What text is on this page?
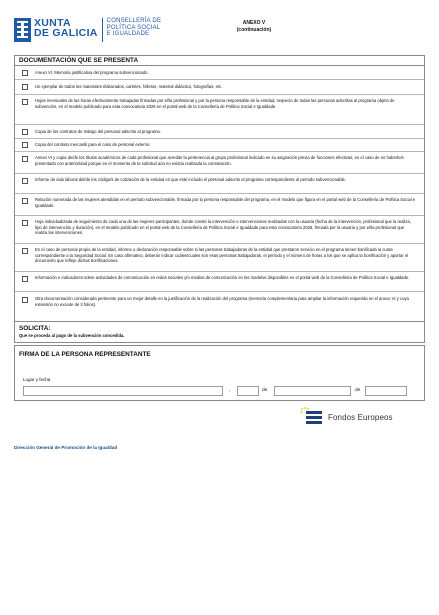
XUNTA
DE GALICIA
CONSELLERÍA DE
POLÍTICA SOCIAL
E IGUALDADE
ANEXO V
(continuación)
DOCUMENTACIÓN QUE SE PRESENTA
Anexo VI. Memoria justificativa del programa subvencionado.
Un ejemplar de todos los materiales elaborados, carteles, folletos, material didáctico, fotografías, etc.
Hojas mensuales de las horas efectivamente trabajadas firmadas por el/la profesional y por la persona responsable de la entidad, respecto de todas las personas adscritas al programa objeto de subvención, en el modelo publicado para esta convocatoria 2026 en el portal web de la Consellería de Política Social e Igualdade.
Copia de los contratos de trabajo del personal adscrito al programa.
Copia del contrato mercantil para el caso de personal externo.
Anexo VI y copia de/de los títulos académicos de cada profesional que acredite la pertenencia al grupo profesional indicado en su asignación previa de funciones efectivas, en el caso de no haberlo/s presentado con anterioridad porque en el momento de la solicitud aún no existía realizada la contratación.
Informe de vida laboral del/de los código/s de cotización de la entidad en que esté incluido el personal adscrito al programa correspondiente al período subvencionable.
Relación numerada de las mujeres atendidas en el período subvencionable, firmada por la persona responsable del programa, en el modelo que figura en el portal web de la Consellería de Política Social e Igualdade.
Hoja individualizada de seguimiento de cada una de las mujeres participantes, donde conste la intervención o intervenciones realizadas con la usuaria (fecha de la intervención, profesional que la realiza, tipo de intervención y duración), en el modelo publicado en el portal web de la Consellería de Política Social e Igualdade para esta convocatoria 2026, firmada por la usuaria y por el/la profesional que realiza las intervenciones.
En el caso de personal propio de la entidad, informe o declaración responsable sobre si las personas trabajadoras de la entidad que prestaron servicio en el programa tienen bonificada la cuota correspondiente a la Seguridad Social. En caso afirmativo, deberán indicar cuáles/cuales son esas personas trabajadoras, el período y el número de horas a los que se aplica la bonificación y aportar el documento que refleje dichas bonificaciones.
Información e indicadores sobre actividades de comunicación en redes sociales y/o medios de comunicación en los modelos disponibles en el portal web de la Consellería de Política Social e Igualdade.
Otra documentación considerada pertinente para un mejor detalle en la justificación de la realización del programa (memoria complementaria para ampliar la información requerida en el anexo VI y cuya extensión no excede de 3 folios).
SOLICITA:
Que se proceda al pago de la subvención concedida.
FIRMA DE LA PERSONA REPRESENTANTE
Lugar y fecha
,	de	de
Fondos Europeos
Dirección General de Promoción de la Igualdad
